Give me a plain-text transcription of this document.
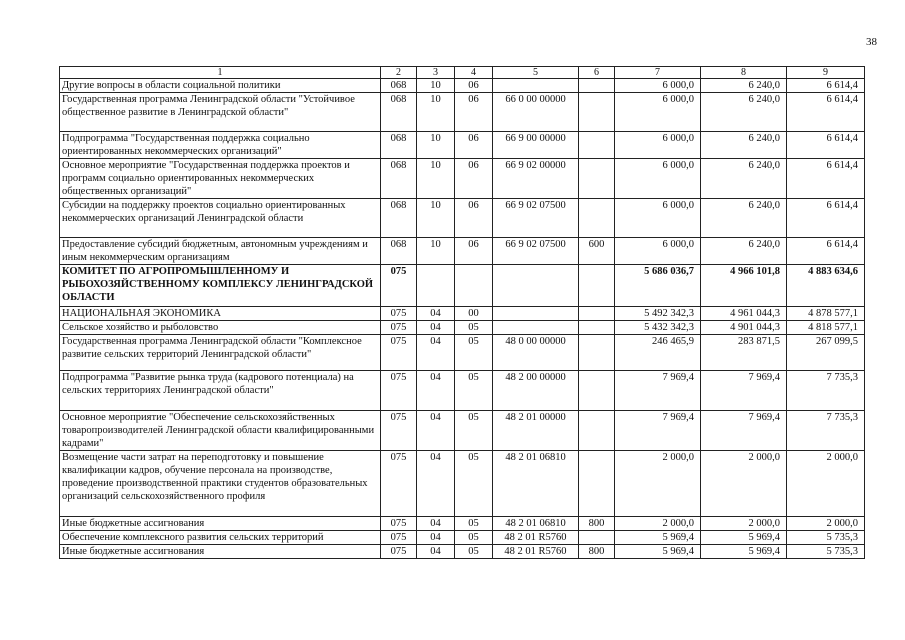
38
1	2	3	4	5	6	7	8	9
Другие вопросы в области социальной политики	068	10	06			6 000,0	6 240,0	6 614,4
Государственная программа Ленинградской области "Устойчивое общественное развитие в Ленинградской области"	068	10	06	66 0 00 00000		6 000,0	6 240,0	6 614,4
Подпрограмма "Государственная поддержка социально ориентированных некоммерческих организаций"	068	10	06	66 9 00 00000		6 000,0	6 240,0	6 614,4
Основное мероприятие "Государственная поддержка проектов и программ социально ориентированных некоммерческих общественных организаций"	068	10	06	66 9 02 00000		6 000,0	6 240,0	6 614,4
Субсидии на поддержку проектов социально ориентированных некоммерческих организаций Ленинградской области	068	10	06	66 9 02 07500		6 000,0	6 240,0	6 614,4
Предоставление субсидий бюджетным, автономным учреждениям и иным некоммерческим организациям	068	10	06	66 9 02 07500	600	6 000,0	6 240,0	6 614,4
КОМИТЕТ ПО АГРОПРОМЫШЛЕННОМУ И РЫБОХОЗЯЙСТВЕННОМУ КОМПЛЕКСУ ЛЕНИНГРАДСКОЙ ОБЛАСТИ	075					5 686 036,7	4 966 101,8	4 883 634,6
НАЦИОНАЛЬНАЯ ЭКОНОМИКА	075	04	00			5 492 342,3	4 961 044,3	4 878 577,1
Сельское хозяйство и рыболовство	075	04	05			5 432 342,3	4 901 044,3	4 818 577,1
Государственная программа Ленинградской области "Комплексное развитие сельских территорий Ленинградской области"	075	04	05	48 0 00 00000		246 465,9	283 871,5	267 099,5
Подпрограмма "Развитие рынка труда (кадрового потенциала) на сельских территориях Ленинградской области"	075	04	05	48 2 00 00000		7 969,4	7 969,4	7 735,3
Основное мероприятие "Обеспечение сельскохозяйственных товаропроизводителей Ленинградской области квалифицированными кадрами"	075	04	05	48 2 01 00000		7 969,4	7 969,4	7 735,3
Возмещение части затрат на переподготовку и повышение квалификации кадров, обучение персонала на производстве, проведение производственной практики студентов образовательных организаций сельскохозяйственного профиля	075	04	05	48 2 01 06810		2 000,0	2 000,0	2 000,0
Иные бюджетные ассигнования	075	04	05	48 2 01 06810	800	2 000,0	2 000,0	2 000,0
Обеспечение комплексного развития сельских территорий	075	04	05	48 2 01 R5760		5 969,4	5 969,4	5 735,3
Иные бюджетные ассигнования	075	04	05	48 2 01 R5760	800	5 969,4	5 969,4	5 735,3
